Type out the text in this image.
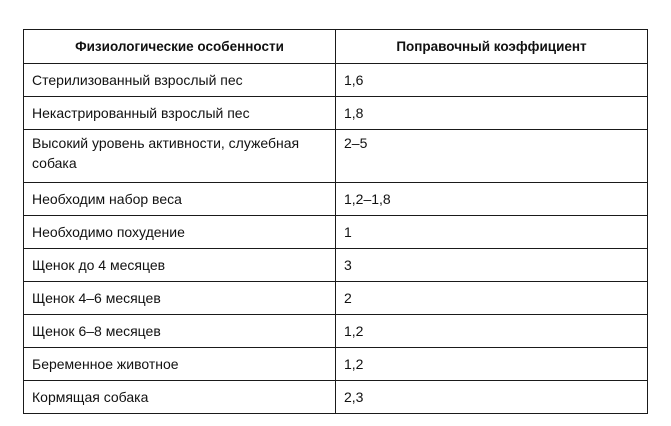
Физиологические особенности	Поправочный коэффициент
Стерилизованный взрослый пес	1,6
Некастрированный взрослый пес	1,8
Высокий уровень активности, служебная собака	2–5
Необходим набор веса	1,2–1,8
Необходимо похудение	1
Щенок до 4 месяцев	3
Щенок 4–6 месяцев	2
Щенок 6–8 месяцев	1,2
Беременное животное	1,2
Кормящая собака	2,3
